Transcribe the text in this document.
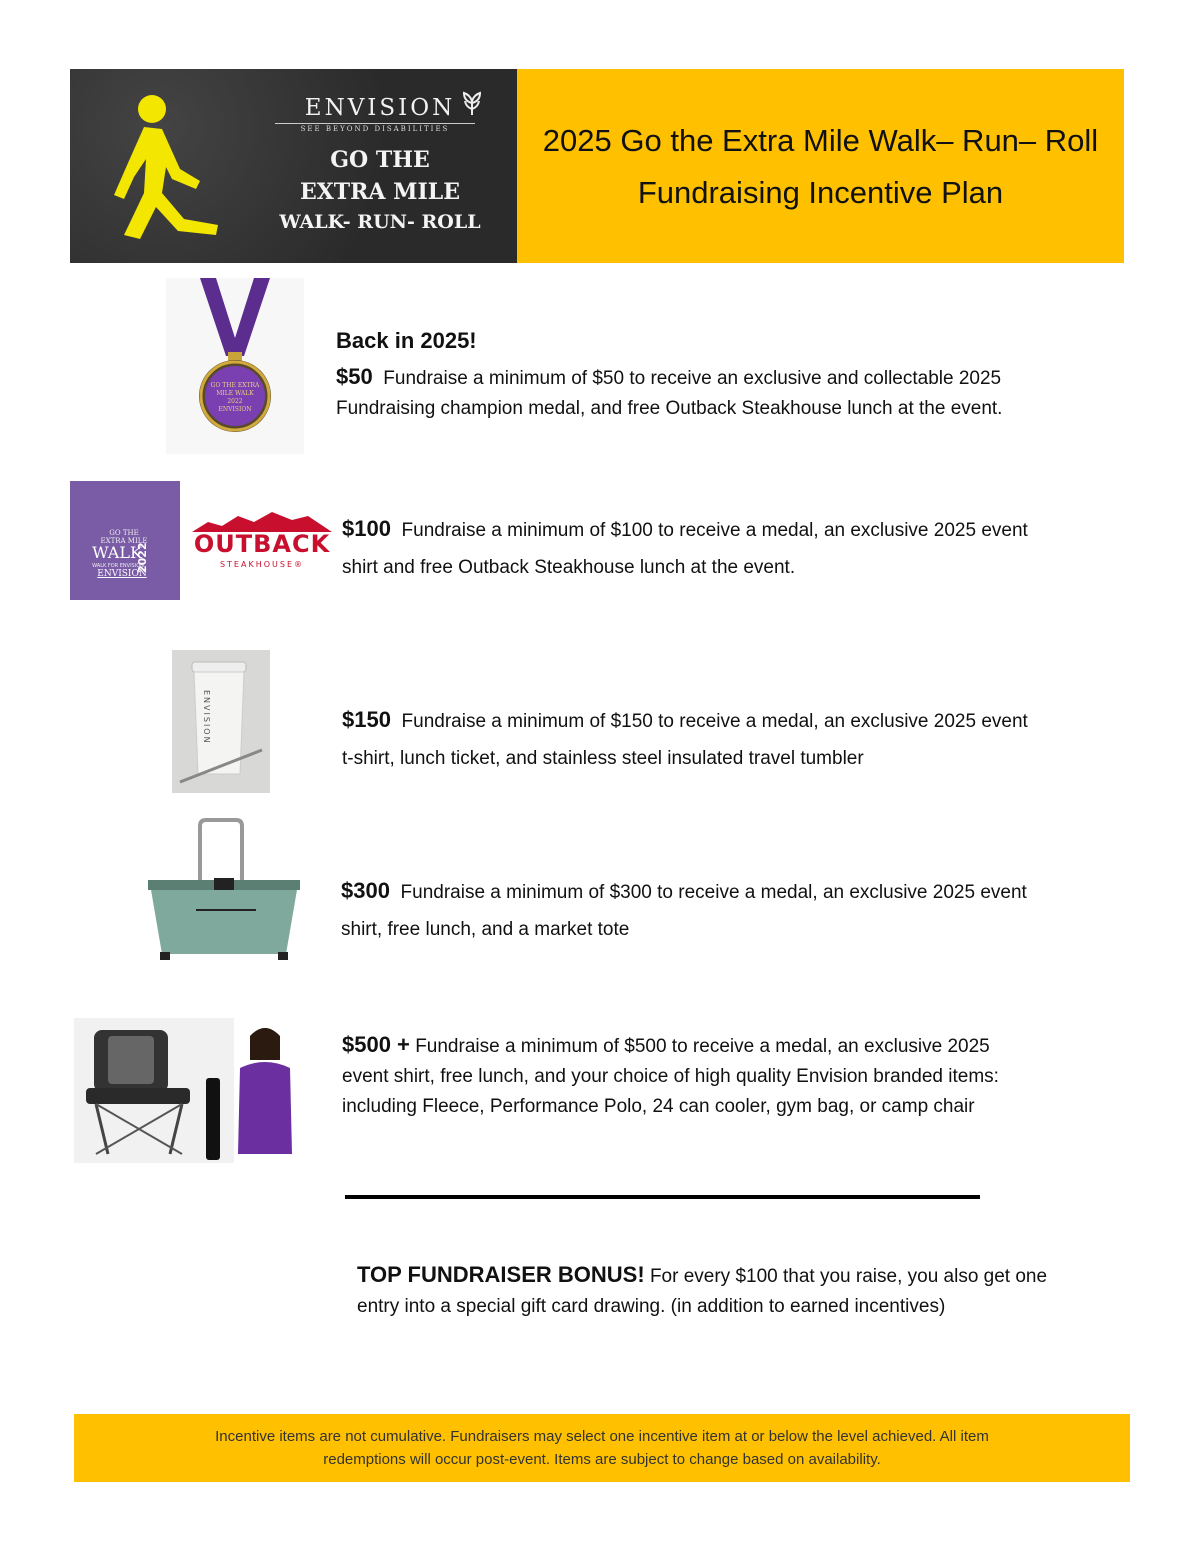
ENVISION
SEE BEYOND DISABILITIES
GO THE
EXTRA MILE
WALK- RUN- ROLL
2025 Go the Extra Mile Walk– Run– Roll
Fundraising Incentive Plan
GO THE EXTRA MILE WALK 2022 ENVISION
Back in 2025!
$50 Fundraise a minimum of $50 to receive an exclusive and collectable 2025
Fundraising champion medal, and free Outback Steakhouse lunch at the event.
GO THE
EXTRA MILE
WALK
WALK FOR ENVISION
ENVISION
2022 OUTBACK
STEAKHOUSE®
$100 Fundraise a minimum of $100 to receive a medal, an exclusive 2025 event
shirt and free Outback Steakhouse lunch at the event.
ENVISION	$150 Fundraise a minimum of $150 to receive a medal, an exclusive 2025 event
t-shirt, lunch ticket, and stainless steel insulated travel tumbler
$300 Fundraise a minimum of $300 to receive a medal, an exclusive 2025 event
shirt, free lunch, and a market tote
$500 + Fundraise a minimum of $500 to receive a medal, an exclusive 2025
event shirt, free lunch, and your choice of high quality Envision branded items:
including Fleece, Performance Polo, 24 can cooler, gym bag, or camp chair
TOP FUNDRAISER BONUS! For every $100 that you raise, you also get one
entry into a special gift card drawing. (in addition to earned incentives)
Incentive items are not cumulative. Fundraisers may select one incentive item at or below the level achieved. All item
redemptions will occur post-event. Items are subject to change based on availability.
